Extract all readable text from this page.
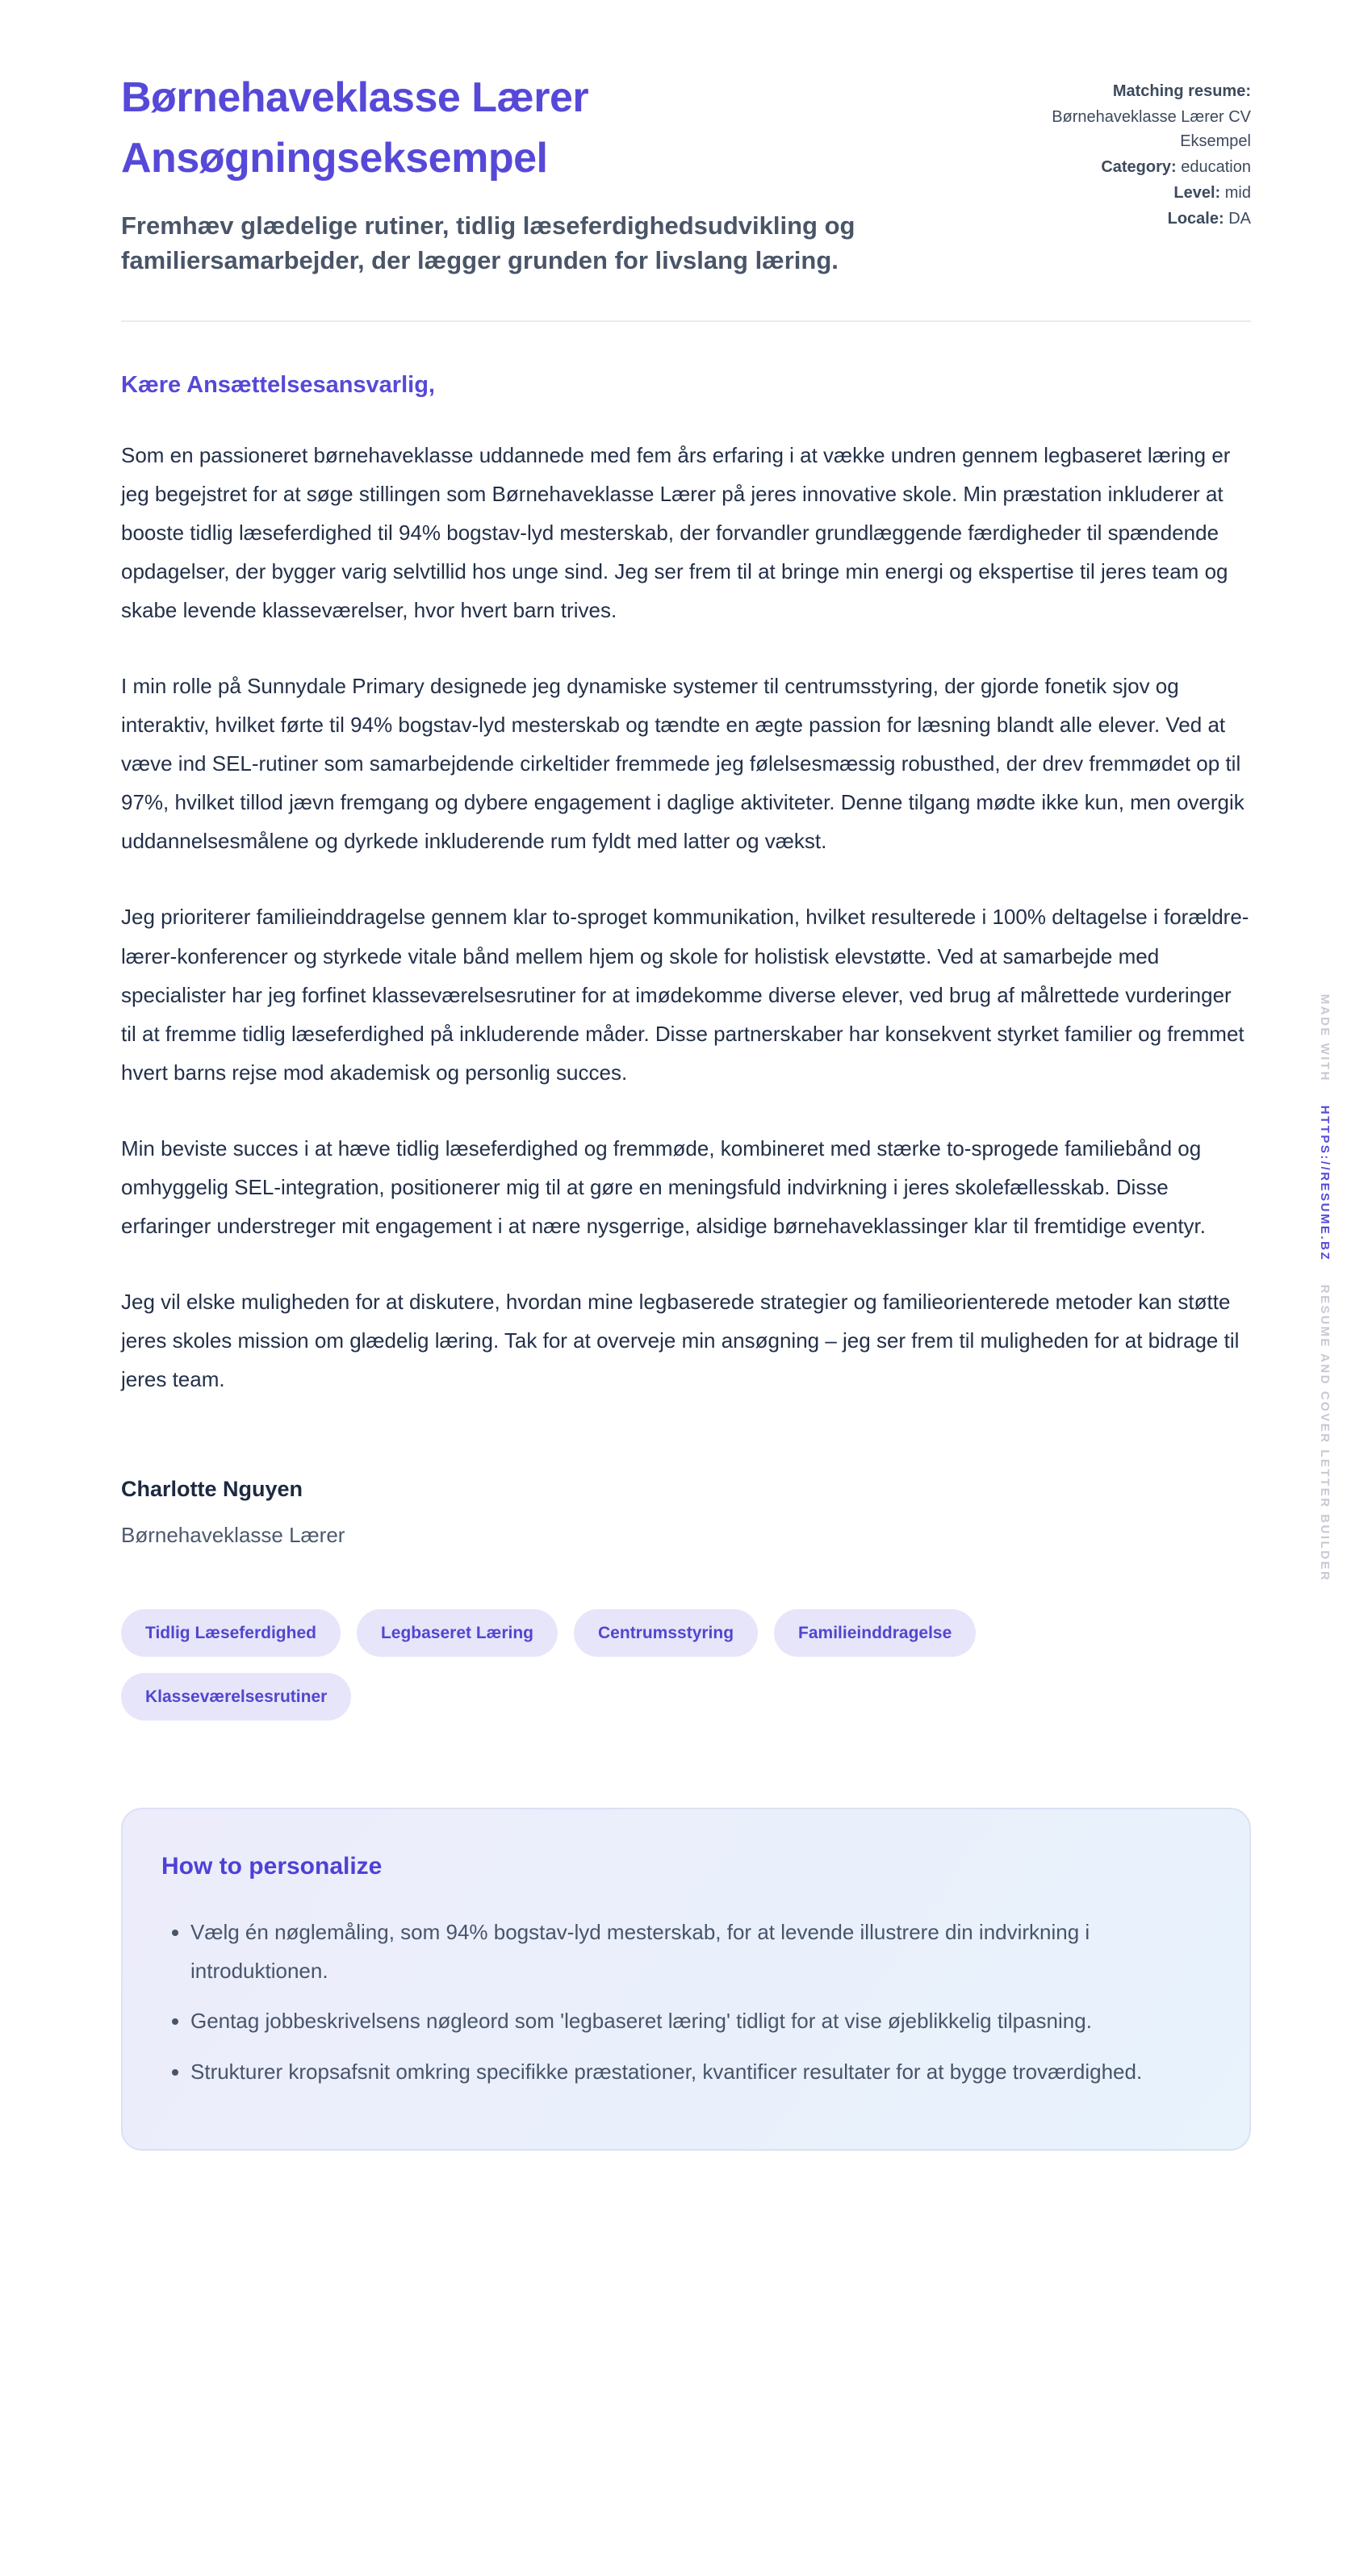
Børnehaveklasse Lærer Ansøgningseksempel

Fremhæv glædelige rutiner, tidlig læseferdighedsudvikling og familiersamarbejder, der lægger grunden for livslang læring.

Matching resume:
Børnehaveklasse Lærer CV Eksempel
Category: education
Level: mid
Locale: DA
Kære Ansættelsesansvarlig,

Som en passioneret børnehaveklasse uddannede med fem års erfaring i at vække undren gennem legbaseret læring er jeg begejstret for at søge stillingen som Børnehaveklasse Lærer på jeres innovative skole. Min præstation inkluderer at booste tidlig læseferdighed til 94% bogstav-lyd mesterskab, der forvandler grundlæggende færdigheder til spændende opdagelser, der bygger varig selvtillid hos unge sind. Jeg ser frem til at bringe min energi og ekspertise til jeres team og skabe levende klasseværelser, hvor hvert barn trives.

I min rolle på Sunnydale Primary designede jeg dynamiske systemer til centrumsstyring, der gjorde fonetik sjov og interaktiv, hvilket førte til 94% bogstav-lyd mesterskab og tændte en ægte passion for læsning blandt alle elever. Ved at væve ind SEL-rutiner som samarbejdende cirkeltider fremmede jeg følelsesmæssig robusthed, der drev fremmødet op til 97%, hvilket tillod jævn fremgang og dybere engagement i daglige aktiviteter. Denne tilgang mødte ikke kun, men overgik uddannelsesmålene og dyrkede inkluderende rum fyldt med latter og vækst.

Jeg prioriterer familieinddragelse gennem klar to-sproget kommunikation, hvilket resulterede i 100% deltagelse i forældre-lærer-konferencer og styrkede vitale bånd mellem hjem og skole for holistisk elevstøtte. Ved at samarbejde med specialister har jeg forfinet klasseværelsesrutiner for at imødekomme diverse elever, ved brug af målrettede vurderinger til at fremme tidlig læseferdighed på inkluderende måder. Disse partnerskaber har konsekvent styrket familier og fremmet hvert barns rejse mod akademisk og personlig succes.

Min beviste succes i at hæve tidlig læseferdighed og fremmøde, kombineret med stærke to-sprogede familiebånd og omhyggelig SEL-integration, positionerer mig til at gøre en meningsfuld indvirkning i jeres skolefællesskab. Disse erfaringer understreger mit engagement i at nære nysgerrige, alsidige børnehaveklassinger klar til fremtidige eventyr.

Jeg vil elske muligheden for at diskutere, hvordan mine legbaserede strategier og familieorienterede metoder kan støtte jeres skoles mission om glædelig læring. Tak for at overveje min ansøgning – jeg ser frem til muligheden for at bidrage til jeres team.

Charlotte Nguyen
Børnehaveklasse Lærer
Tidlig Læseferdighed	Legbaseret Læring	Centrumsstyring	Familieinddragelse
Klasseværelsesrutiner
How to personalize
• Vælg én nøglemåling, som 94% bogstav-lyd mesterskab, for at levende illustrere din indvirkning i introduktionen.
• Gentag jobbeskrivelsens nøgleord som 'legbaseret læring' tidligt for at vise øjeblikkelig tilpasning.
• Strukturer kropsafsnit omkring specifikke præstationer, kvantificer resultater for at bygge troværdighed.
MADE WITH HTTPS://RESUME.BZ RESUME AND COVER LETTER BUILDER
